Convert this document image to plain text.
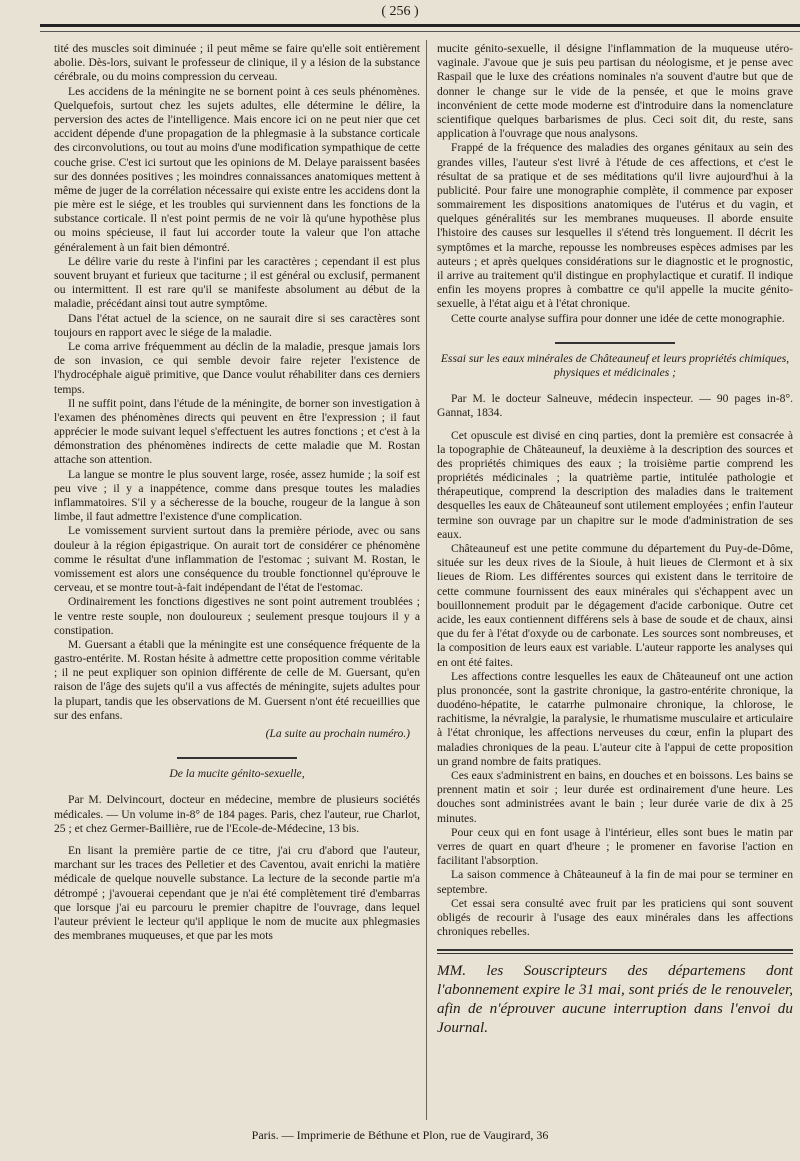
( 256 )

tité des muscles soit diminuée ; il peut même se faire qu'elle soit entièrement abolie. Dès-lors, suivant le professeur de clinique, il y a lésion de la substance cérébrale, ou du moins compression du cerveau.

Les accidens de la méningite ne se bornent point à ces seuls phénomènes. Quelquefois, surtout chez les sujets adultes, elle détermine le délire, la perversion des actes de l'intelligence. Mais encore ici on ne peut nier que cet accident dépende d'une propagation de la phlegmasie à la substance corticale des circonvolutions, ou tout au moins d'une modification sympathique de cette couche grise. C'est ici surtout que les opinions de M. Delaye paraissent basées sur des données positives ; les moindres connaissances anatomiques mettent à même de juger de la corrélation nécessaire qui existe entre les accidens dont la pie mère est le siége, et les troubles qui surviennent dans les fonctions de la substance corticale. Il n'est point permis de ne voir là qu'une hypothèse plus ou moins spécieuse, il faut lui accorder toute la valeur que l'on attache généralement à un fait bien démontré.

Le délire varie du reste à l'infini par les caractères ; cependant il est plus souvent bruyant et furieux que taciturne ; il est général ou exclusif, permanent ou intermittent. Il est rare qu'il se manifeste absolument au début de la maladie, précédant ainsi tout autre symptôme.

Dans l'état actuel de la science, on ne saurait dire si ses caractères sont toujours en rapport avec le siége de la maladie.

Le coma arrive fréquemment au déclin de la maladie, presque jamais lors de son invasion, ce qui semble devoir faire rejeter l'existence de l'hydrocéphale aiguë primitive, que Dance voulut réhabiliter dans ces derniers temps.

Il ne suffit point, dans l'étude de la méningite, de borner son investigation à l'examen des phénomènes directs qui peuvent en être l'expression ; il faut apprécier le mode suivant lequel s'effectuent les autres fonctions ; et c'est à la démonstration des phénomènes indirects de cette maladie que M. Rostan attache son attention.

La langue se montre le plus souvent large, rosée, assez humide ; la soif est peu vive ; il y a inappétence, comme dans presque toutes les maladies inflammatoires. S'il y a sécheresse de la bouche, rougeur de la langue à son limbe, il faut admettre l'existence d'une complication.

Le vomissement survient surtout dans la première période, avec ou sans douleur à la région épigastrique. On aurait tort de considérer ce phénomène comme le résultat d'une inflammation de l'estomac ; suivant M. Rostan, le vomissement est alors une conséquence du trouble fonctionnel qu'éprouve le cerveau, et se montre tout-à-fait indépendant de l'état de l'estomac.

Ordinairement les fonctions digestives ne sont point autrement troublées ; le ventre reste souple, non douloureux ; seulement presque toujours il y a constipation.

M. Guersant a établi que la méningite est une conséquence fréquente de la gastro-entérite. M. Rostan hésite à admettre cette proposition comme véritable ; il ne peut expliquer son opinion différente de celle de M. Guersant, qu'en raison de l'âge des sujets qu'il a vus affectés de méningite, sujets adultes pour la plupart, tandis que les observations de M. Guersent n'ont été recueillies que sur des enfans.

(La suite au prochain numéro.)
De la mucite génito-sexuelle,

Par M. Delvincourt, docteur en médecine, membre de plusieurs sociétés médicales. — Un volume in-8° de 184 pages. Paris, chez l'auteur, rue Charlot, 25 ; et chez Germer-Baillière, rue de l'Ecole-de-Médecine, 13 bis.

En lisant la première partie de ce titre, j'ai cru d'abord que l'auteur, marchant sur les traces des Pelletier et des Caventou, avait enrichi la matière médicale de quelque nouvelle substance. La lecture de la seconde partie m'a détrompé ; j'avouerai cependant que je n'ai été complètement tiré d'embarras que lorsque j'ai eu parcouru le premier chapitre de l'ouvrage, dans lequel l'auteur prévient le lecteur qu'il applique le nom de mucite aux phlegmasies des membranes muqueuses, et que par les mots

mucite génito-sexuelle, il désigne l'inflammation de la muqueuse utéro-vaginale. J'avoue que je suis peu partisan du néologisme, et je pense avec Raspail que le luxe des créations nominales n'a souvent d'autre but que de donner le change sur le vide de la pensée, et que le moins grave inconvénient de cette mode moderne est d'introduire dans la nomenclature scientifique quelques barbarismes de plus. Ceci soit dit, du reste, sans application à l'ouvrage que nous analysons.

Frappé de la fréquence des maladies des organes génitaux au sein des grandes villes, l'auteur s'est livré à l'étude de ces affections, et c'est le résultat de sa pratique et de ses méditations qu'il livre aujourd'hui à la publicité. Pour faire une monographie complète, il commence par exposer sommairement les dispositions anatomiques de l'utérus et du vagin, et quelques généralités sur les membranes muqueuses. Il aborde ensuite l'histoire des causes sur lesquelles il s'étend très longuement. Il décrit les symptômes et la marche, repousse les nombreuses espèces admises par les auteurs ; et après quelques considérations sur le diagnostic et le prognostic, il arrive au traitement qu'il distingue en prophylactique et curatif. Il indique enfin les moyens propres à combattre ce qu'il appelle la mucite génito-sexuelle, à l'état aigu et à l'état chronique.

Cette courte analyse suffira pour donner une idée de cette monographie.

Essai sur les eaux minérales de Châteauneuf et leurs propriétés chimiques, physiques et médicinales ;

Par M. le docteur Salneuve, médecin inspecteur. — 90 pages in-8°. Gannat, 1834.

Cet opuscule est divisé en cinq parties, dont la première est consacrée à la topographie de Châteauneuf, la deuxième à la description des sources et des propriétés chimiques des eaux ; la troisième partie comprend les propriétés médicinales ; la quatrième partie, intitulée pathologie et thérapeutique, comprend la description des maladies dans le traitement desquelles les eaux de Châteauneuf sont utilement employées ; enfin l'auteur termine son ouvrage par un chapitre sur le mode d'administration de ses eaux.

Châteauneuf est une petite commune du département du Puy-de-Dôme, située sur les deux rives de la Sioule, à huit lieues de Clermont et à six lieues de Riom. Les différentes sources qui existent dans le territoire de cette commune fournissent des eaux minérales qui s'échappent avec un bouillonnement produit par le dégagement d'acide carbonique. Outre cet acide, les eaux contiennent différens sels à base de soude et de chaux, ainsi que du fer à l'état d'oxyde ou de carbonate. Les sources sont nombreuses, et la composition de leurs eaux est variable. L'auteur rapporte les analyses qui en ont été faites.

Les affections contre lesquelles les eaux de Châteauneuf ont une action plus prononcée, sont la gastrite chronique, la gastro-entérite chronique, la duodéno-hépatite, le catarrhe pulmonaire chronique, la chlorose, le rachitisme, la névralgie, la paralysie, le rhumatisme musculaire et articulaire à l'état chronique, les affections nerveuses du cœur, enfin la plupart des maladies chroniques de la peau. L'auteur cite à l'appui de cette proposition un grand nombre de faits pratiques.

Ces eaux s'administrent en bains, en douches et en boissons. Les bains se prennent matin et soir ; leur durée est ordinairement d'une heure. Les douches sont administrées avant le bain ; leur durée varie de dix à 25 minutes.

Pour ceux qui en font usage à l'intérieur, elles sont bues le matin par verres de quart en quart d'heure ; le promener en favorise l'action en facilitant l'absorption.

La saison commence à Châteauneuf à la fin de mai pour se terminer en septembre.

Cet essai sera consulté avec fruit par les praticiens qui sont souvent obligés de recourir à l'usage des eaux minérales dans les affections chroniques rebelles.

MM. les Souscripteurs des départemens dont l'abonnement expire le 31 mai, sont priés de le renouveler, afin de n'éprouver aucune interruption dans l'envoi du Journal.

Paris. — Imprimerie de Béthune et Plon, rue de Vaugirard, 36
